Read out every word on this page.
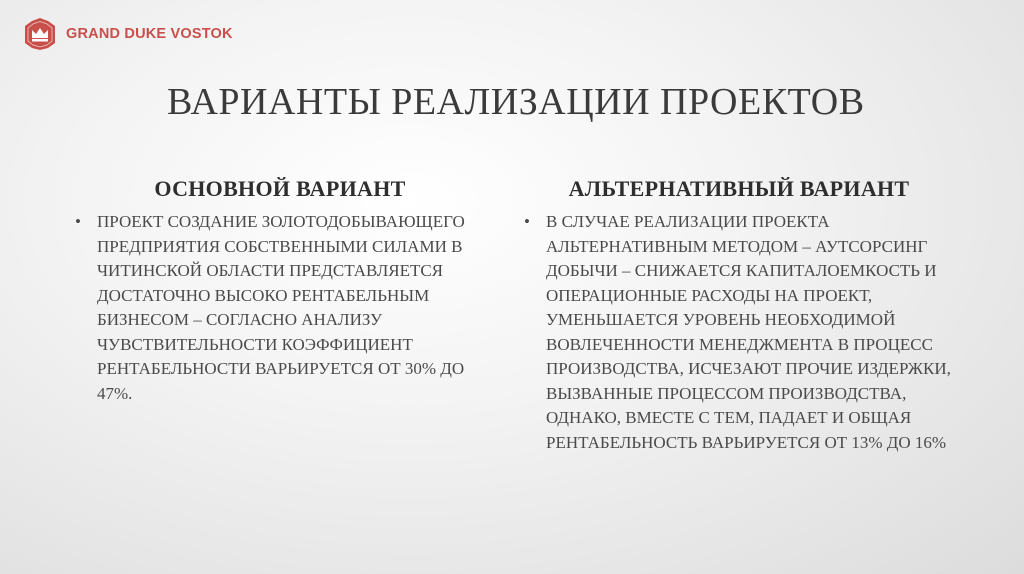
GRAND DUKE VOSTOK
ВАРИАНТЫ РЕАЛИЗАЦИИ ПРОЕКТОВ
ОСНОВНОЙ ВАРИАНТ
• ПРОЕКТ СОЗДАНИЕ ЗОЛОТОДОБЫВАЮЩЕГО ПРЕДПРИЯТИЯ СОБСТВЕННЫМИ СИЛАМИ В ЧИТИНСКОЙ ОБЛАСТИ ПРЕДСТАВЛЯЕТСЯ ДОСТАТОЧНО ВЫСОКО РЕНТАБЕЛЬНЫМ БИЗНЕСОМ – СОГЛАСНО АНАЛИЗУ ЧУВСТВИТЕЛЬНОСТИ КОЭФФИЦИЕНТ РЕНТАБЕЛЬНОСТИ ВАРЬИРУЕТСЯ ОТ 30% ДО 47%.

АЛЬТЕРНАТИВНЫЙ ВАРИАНТ
• В СЛУЧАЕ РЕАЛИЗАЦИИ ПРОЕКТА АЛЬТЕРНАТИВНЫМ МЕТОДОМ – АУТСОРСИНГ ДОБЫЧИ – СНИЖАЕТСЯ КАПИТАЛОЕМКОСТЬ И ОПЕРАЦИОННЫЕ РАСХОДЫ НА ПРОЕКТ, УМЕНЬШАЕТСЯ УРОВЕНЬ НЕОБХОДИМОЙ ВОВЛЕЧЕННОСТИ МЕНЕДЖМЕНТА В ПРОЦЕСС ПРОИЗВОДСТВА, ИСЧЕЗАЮТ ПРОЧИЕ ИЗДЕРЖКИ, ВЫЗВАННЫЕ ПРОЦЕССОМ ПРОИЗВОДСТВА, ОДНАКО, ВМЕСТЕ С ТЕМ, ПАДАЕТ И ОБЩАЯ РЕНТАБЕЛЬНОСТЬ ВАРЬИРУЕТСЯ ОТ 13% ДО 16%
